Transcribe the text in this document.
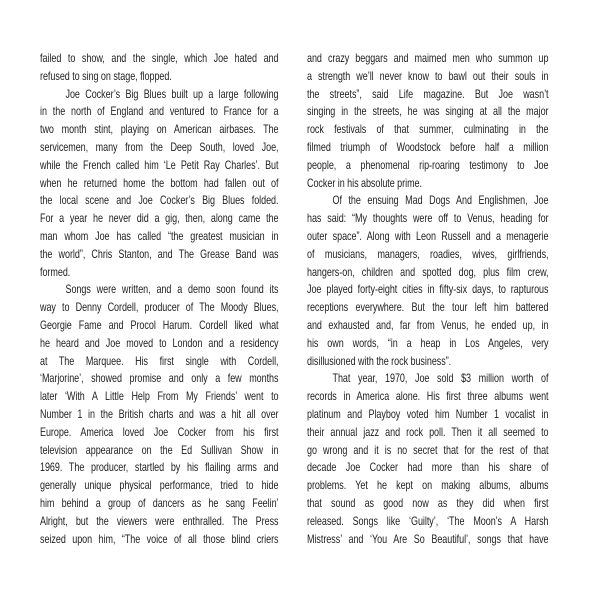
failed to show, and the single, which Joe hated and
refused to sing on stage, flopped.
Joe Cocker’s Big Blues built up a large following
in the north of England and ventured to France for a
two month stint, playing on American airbases. The
servicemen, many from the Deep South, loved Joe,
while the French called him ‘Le Petit Ray Charles’. But
when he returned home the bottom had fallen out of
the local scene and Joe Cocker’s Big Blues folded.
For a year he never did a gig, then, along came the
man whom Joe has called “the greatest musician in
the world”, Chris Stanton, and The Grease Band was
formed.
Songs were written, and a demo soon found its
way to Denny Cordell, producer of The Moody Blues,
Georgie Fame and Procol Harum. Cordell liked what
he heard and Joe moved to London and a residency
at The Marquee. His first single with Cordell,
‘Marjorine’, showed promise and only a few months
later ‘With A Little Help From My Friends’ went to
Number 1 in the British charts and was a hit all over
Europe. America loved Joe Cocker from his first
television appearance on the Ed Sullivan Show in
1969. The producer, startled by his flailing arms and
generally unique physical performance, tried to hide
him behind a group of dancers as he sang Feelin’
Alright, but the viewers were enthralled. The Press
seized upon him, “The voice of all those blind criers
and crazy beggars and maimed men who summon up
a strength we’ll never know to bawl out their souls in
the streets”, said Life magazine. But Joe wasn’t
singing in the streets, he was singing at all the major
rock festivals of that summer, culminating in the
filmed triumph of Woodstock before half a million
people, a phenomenal rip-roaring testimony to Joe
Cocker in his absolute prime.
Of the ensuing Mad Dogs And Englishmen, Joe
has said: “My thoughts were off to Venus, heading for
outer space”. Along with Leon Russell and a menagerie
of musicians, managers, roadies, wives, girlfriends,
hangers-on, children and spotted dog, plus film crew,
Joe played forty-eight cities in fifty-six days, to rapturous
receptions everywhere. But the tour left him battered
and exhausted and, far from Venus, he ended up, in
his own words, “in a heap in Los Angeles, very
disillusioned with the rock business”.
That year, 1970, Joe sold $3 million worth of
records in America alone. His first three albums went
platinum and Playboy voted him Number 1 vocalist in
their annual jazz and rock poll. Then it all seemed to
go wrong and it is no secret that for the rest of that
decade Joe Cocker had more than his share of
problems. Yet he kept on making albums, albums
that sound as good now as they did when first
released. Songs like ‘Guilty’, ‘The Moon’s A Harsh
Mistress’ and ‘You Are So Beautiful’, songs that have
